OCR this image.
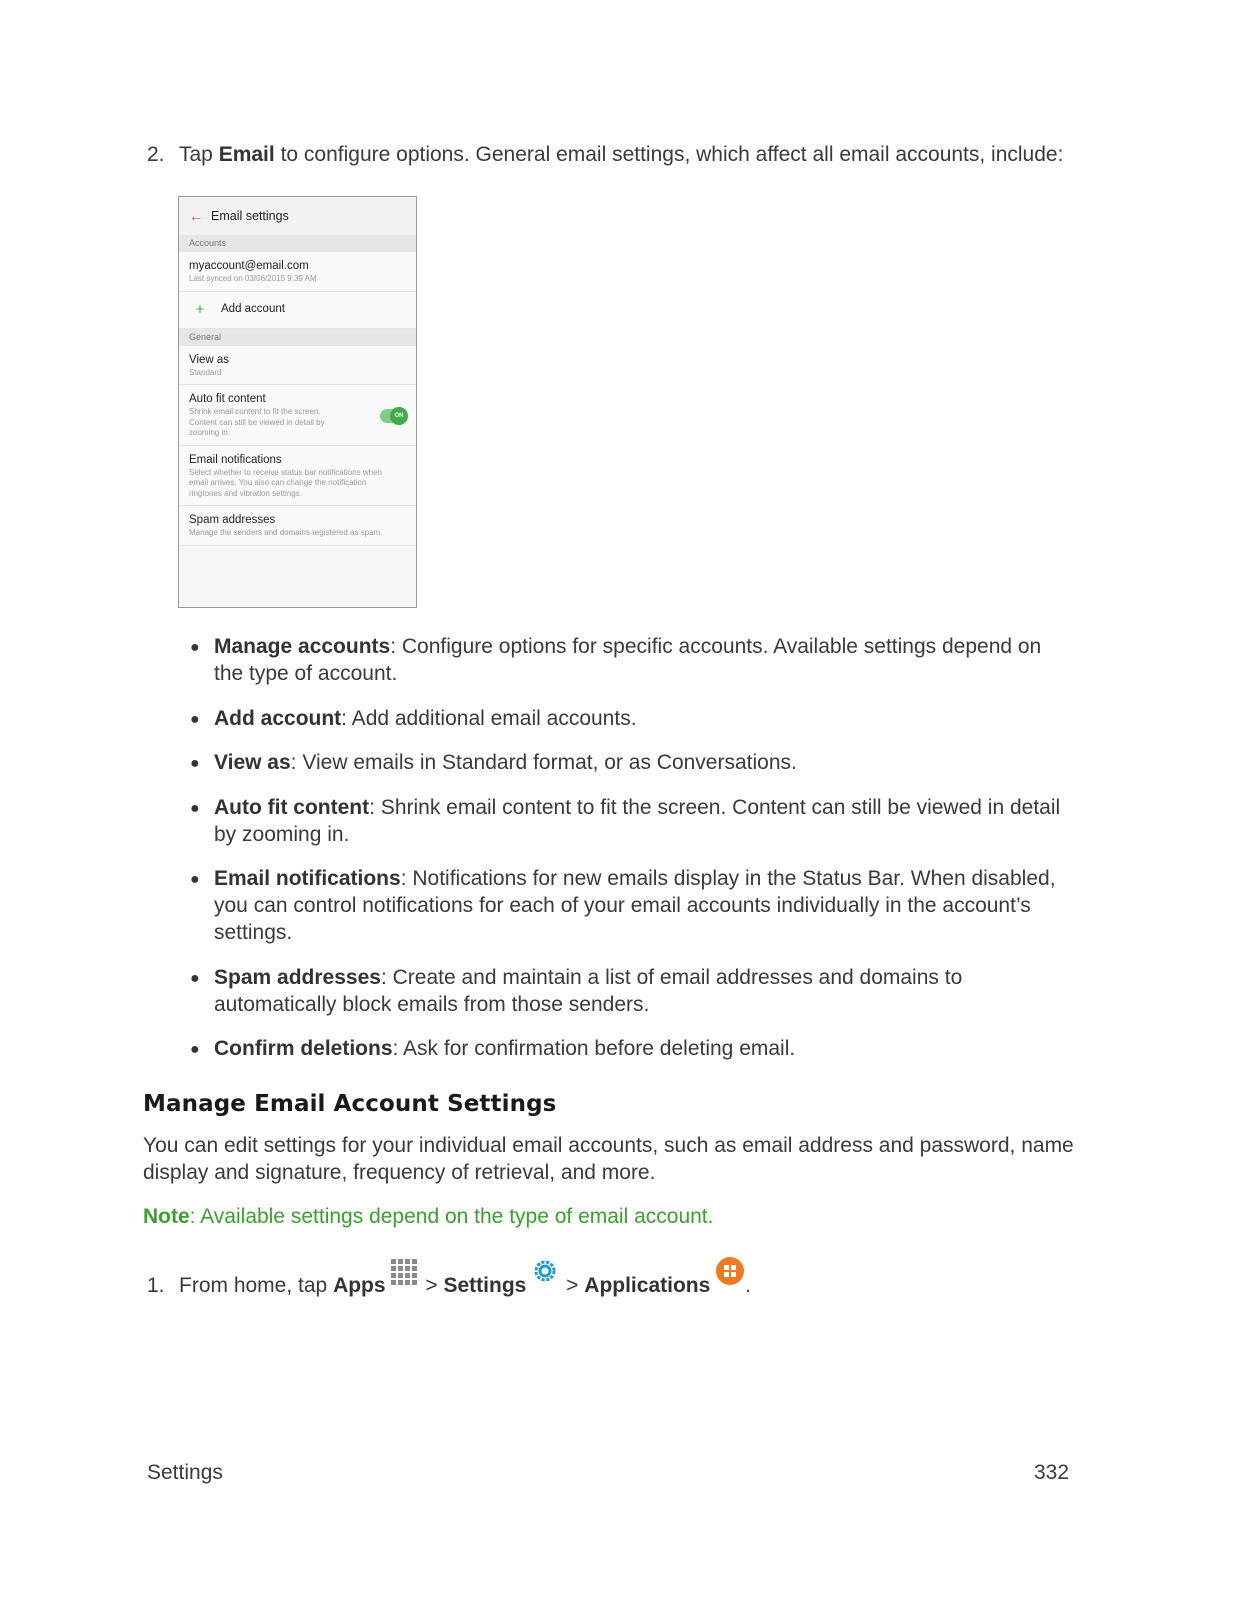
2. Tap Email to configure options. General email settings, which affect all email accounts, include:
← Email settings
Accounts
myaccount@email.com
Last synced on 03/06/2015 9:39 AM
+	Add account
General
View as
Standard
Auto fit content
Shrink email content to fit the screen. Content can still be viewed in detail by zooming in.
ON
Email notifications
Select whether to receive status bar notifications when email arrives. You also can change the notification ringtones and vibration settings.
Spam addresses
Manage the senders and domains registered as spam.
● Manage accounts: Configure options for specific accounts. Available settings depend on the type of account.
● Add account: Add additional email accounts.
● View as: View emails in Standard format, or as Conversations.
● Auto fit content: Shrink email content to fit the screen. Content can still be viewed in detail by zooming in.
● Email notifications: Notifications for new emails display in the Status Bar. When disabled, you can control notifications for each of your email accounts individually in the account’s settings.
● Spam addresses: Create and maintain a list of email addresses and domains to automatically block emails from those senders.
● Confirm deletions: Ask for confirmation before deleting email.
Manage Email Account Settings
You can edit settings for your individual email accounts, such as email address and password, name display and signature, frequency of retrieval, and more.
Note: Available settings depend on the type of email account.
1. From home, tap Apps > Settings > Applications .
Settings	332
